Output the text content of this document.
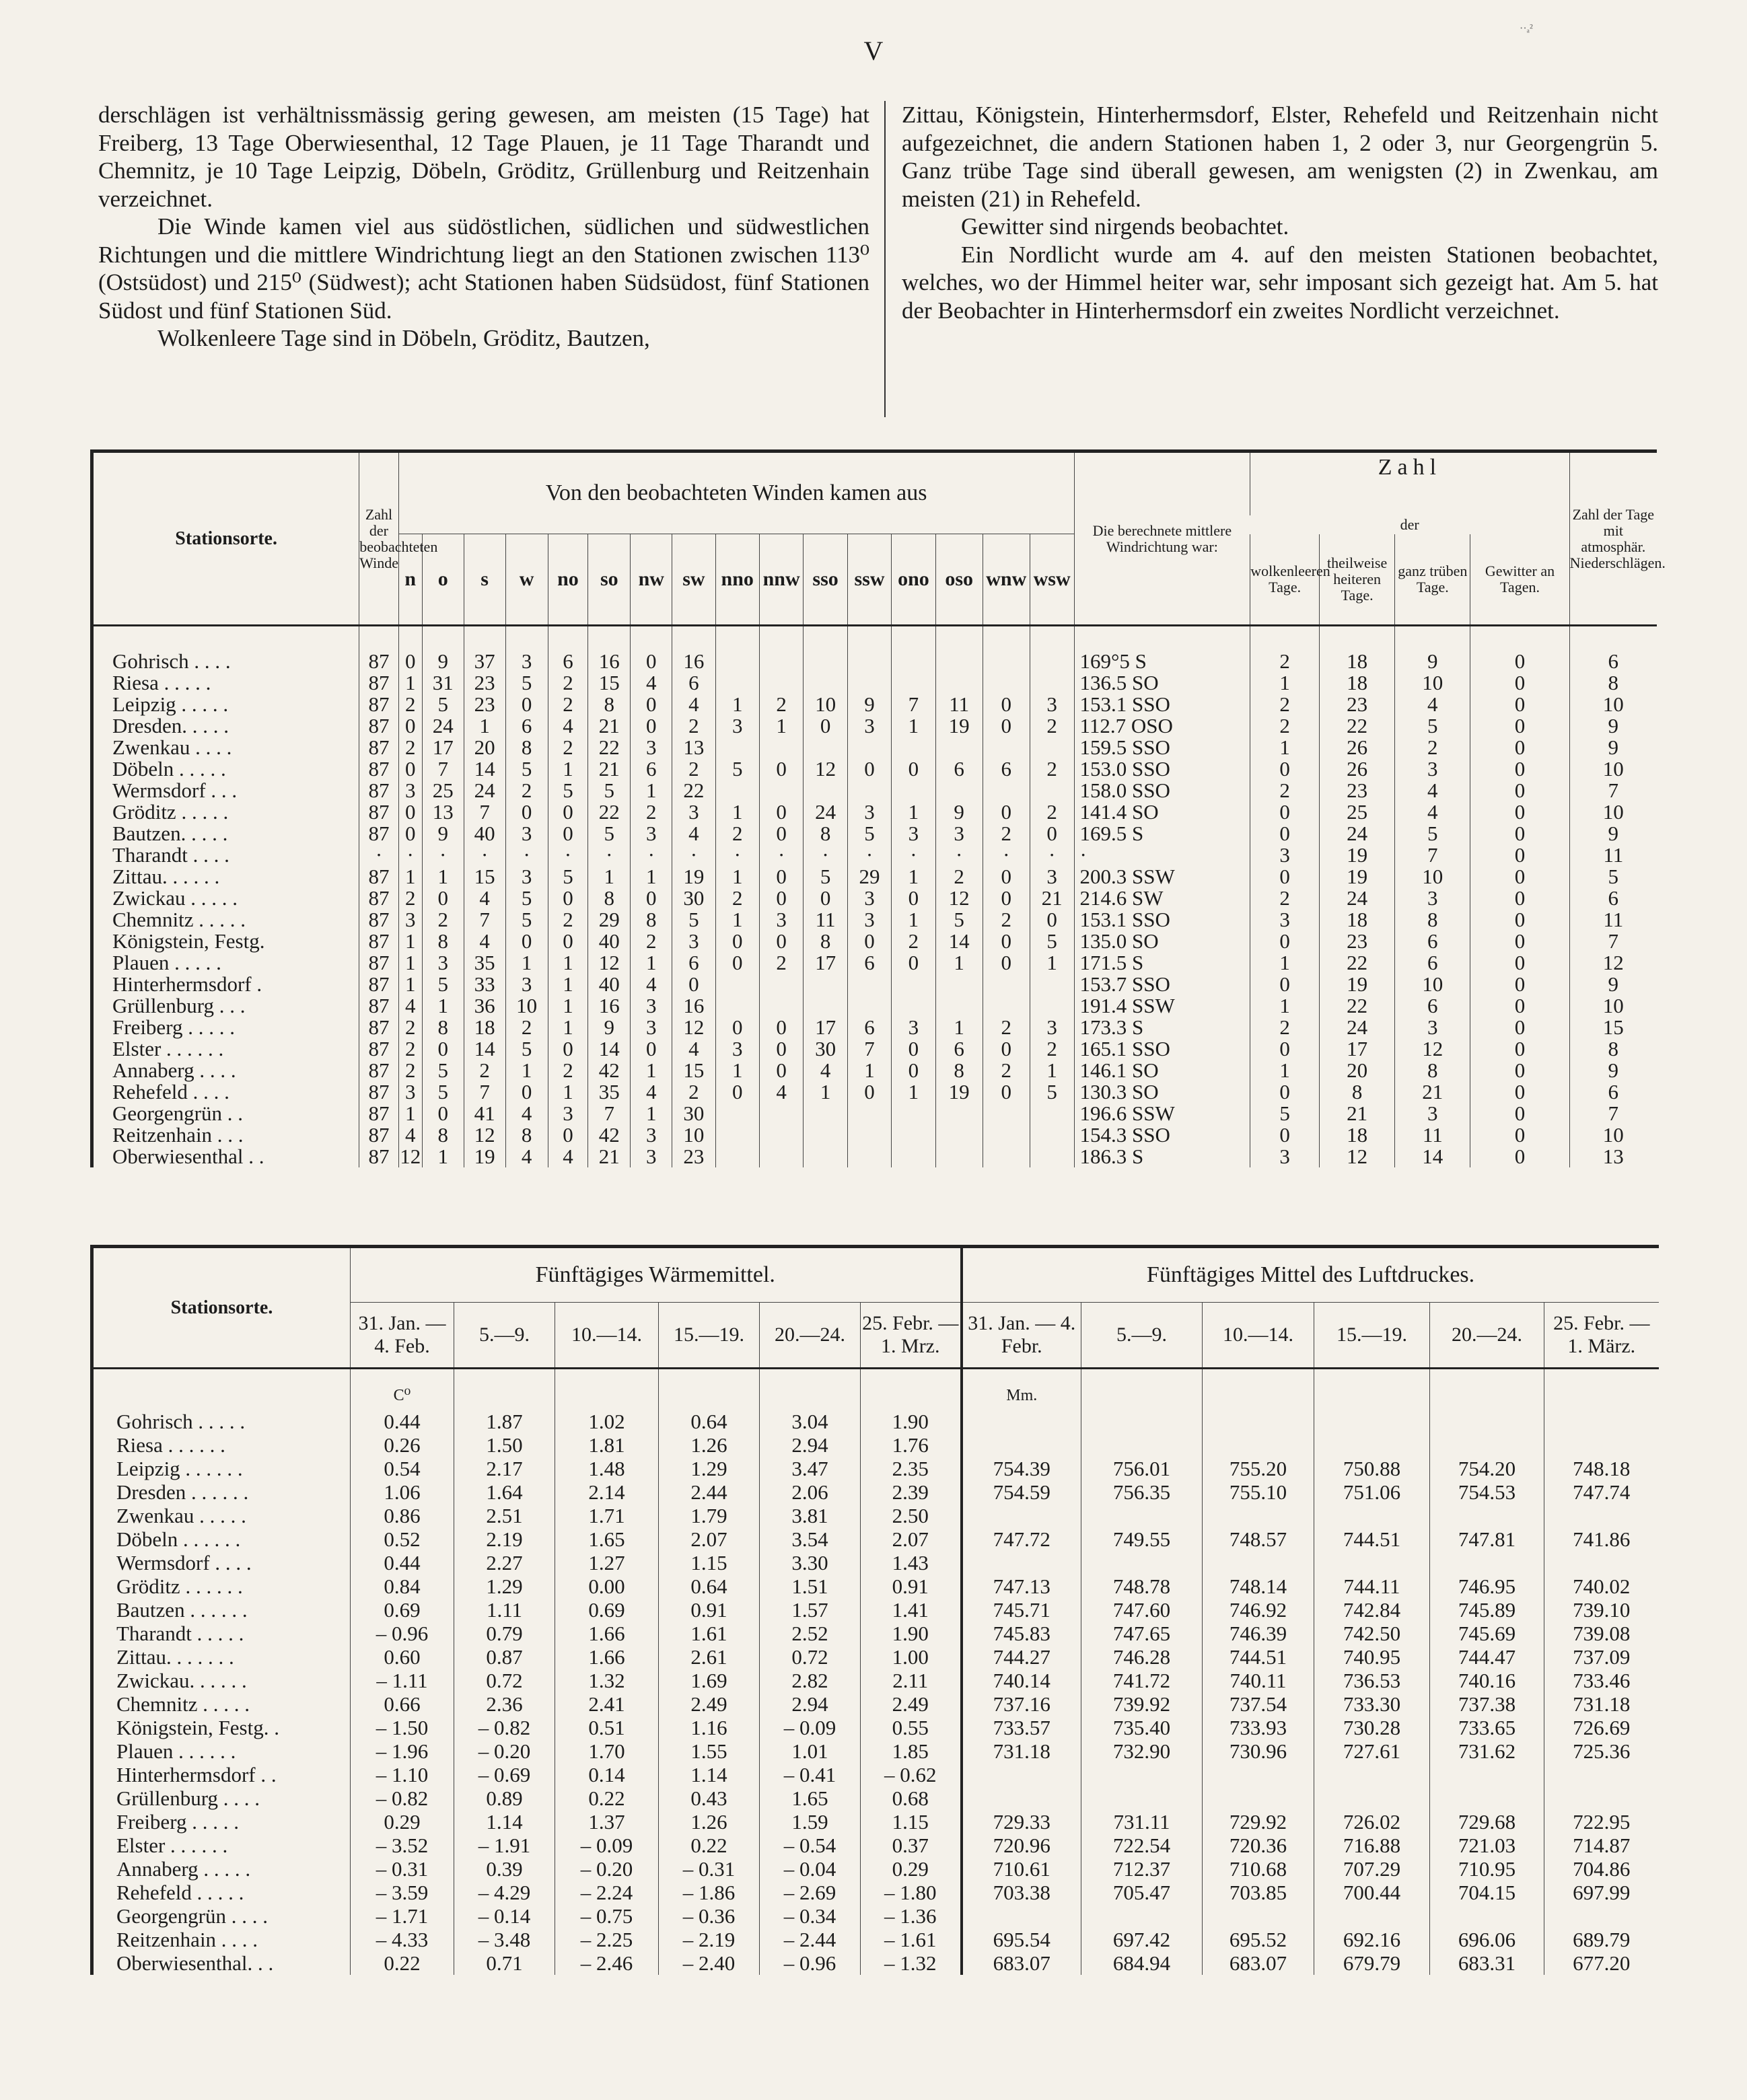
V
··ₐ²

derschlägen ist verhältnissmässig gering gewesen, am meisten (15 Tage) hat Freiberg, 13 Tage Oberwiesenthal, 12 Tage Plauen, je 11 Tage Tharandt und Chemnitz, je 10 Tage Leipzig, Döbeln, Gröditz, Grüllenburg und Reitzenhain verzeichnet.

Die Winde kamen viel aus südöstlichen, südlichen und südwestlichen Richtungen und die mittlere Windrichtung liegt an den Stationen zwischen 113⁰ (Ostsüdost) und 215⁰ (Südwest); acht Stationen haben Südsüdost, fünf Stationen Südost und fünf Stationen Süd.

Wolkenleere Tage sind in Döbeln, Gröditz, Bautzen,

Zittau, Königstein, Hinterhermsdorf, Elster, Rehefeld und Reitzenhain nicht aufgezeichnet, die andern Stationen haben 1, 2 oder 3, nur Georgengrün 5. Ganz trübe Tage sind überall gewesen, am wenigsten (2) in Zwenkau, am meisten (21) in Rehefeld.

Gewitter sind nirgends beobachtet.

Ein Nordlicht wurde am 4. auf den meisten Stationen beobachtet, welches, wo der Himmel heiter war, sehr imposant sich gezeigt hat. Am 5. hat der Beobachter in Hinterhermsdorf ein zweites Nordlicht verzeichnet.

Stationsorte.	Zahl der beobachteten Winde	Von den beobachteten Winden kamen aus																Die berechnete mittlere Windrichtung war:	Zahl				Zahl der Tage mit atmosphär. Niederschlägen.
																			der				
		n	o	s	w	no	so	nw	sw	nno	nnw	sso	ssw	ono	oso	wnw	wsw		wolkenleeren Tage.	theilweise heiteren Tage.	ganz trüben Tage.	Gewitter an Tagen.	

Gohrisch . . . .	87	0	9	37	3	6	16	0	16									169°5 S	2	18	9	0	6
Riesa . . . . .	87	1	31	23	5	2	15	4	6									136.5 SO	1	18	10	0	8
Leipzig . . . . .	87	2	5	23	0	2	8	0	4	1	2	10	9	7	11	0	3	153.1 SSO	2	23	4	0	10
Dresden. . . . .	87	0	24	1	6	4	21	0	2	3	1	0	3	1	19	0	2	112.7 OSO	2	22	5	0	9
Zwenkau . . . .	87	2	17	20	8	2	22	3	13									159.5 SSO	1	26	2	0	9
Döbeln . . . . .	87	0	7	14	5	1	21	6	2	5	0	12	0	0	6	6	2	153.0 SSO	0	26	3	0	10
Wermsdorf . . .	87	3	25	24	2	5	5	1	22									158.0 SSO	2	23	4	0	7
Gröditz . . . . .	87	0	13	7	0	0	22	2	3	1	0	24	3	1	9	0	2	141.4 SO	0	25	4	0	10
Bautzen. . . . .	87	0	9	40	3	0	5	3	4	2	0	8	5	3	3	2	0	169.5 S	0	24	5	0	9
Tharandt . . . .	·	·	·	·	·	·	·	·	·	·	·	·	·	·	·	·	·	·	3	19	7	0	11
Zittau. . . . . .	87	1	1	15	3	5	1	1	19	1	0	5	29	1	2	0	3	200.3 SSW	0	19	10	0	5
Zwickau . . . . .	87	2	0	4	5	0	8	0	30	2	0	0	3	0	12	0	21	214.6 SW	2	24	3	0	6
Chemnitz . . . . .	87	3	2	7	5	2	29	8	5	1	3	11	3	1	5	2	0	153.1 SSO	3	18	8	0	11
Königstein, Festg.	87	1	8	4	0	0	40	2	3	0	0	8	0	2	14	0	5	135.0 SO	0	23	6	0	7
Plauen . . . . .	87	1	3	35	1	1	12	1	6	0	2	17	6	0	1	0	1	171.5 S	1	22	6	0	12
Hinterhermsdorf .	87	1	5	33	3	1	40	4	0									153.7 SSO	0	19	10	0	9
Grüllenburg . . .	87	4	1	36	10	1	16	3	16									191.4 SSW	1	22	6	0	10
Freiberg . . . . .	87	2	8	18	2	1	9	3	12	0	0	17	6	3	1	2	3	173.3 S	2	24	3	0	15
Elster . . . . . .	87	2	0	14	5	0	14	0	4	3	0	30	7	0	6	0	2	165.1 SSO	0	17	12	0	8
Annaberg . . . .	87	2	5	2	1	2	42	1	15	1	0	4	1	0	8	2	1	146.1 SO	1	20	8	0	9
Rehefeld . . . .	87	3	5	7	0	1	35	4	2	0	4	1	0	1	19	0	5	130.3 SO	0	8	21	0	6
Georgengrün . .	87	1	0	41	4	3	7	1	30									196.6 SSW	5	21	3	0	7
Reitzenhain . . .	87	4	8	12	8	0	42	3	10									154.3 SSO	0	18	11	0	10
Oberwiesenthal . .	87	12	1	19	4	4	21	3	23									186.3 S	3	12	14	0	13
Stationsorte.	Fünftägiges Wärmemittel.						Fünftägiges Mittel des Luftdruckes.					
	31. Jan. — 4. Feb.	5.—9.	10.—14.	15.—19.	20.—24.	25. Febr. — 1. Mrz.	31. Jan. — 4. Febr.	5.—9.	10.—14.	15.—19.	20.—24.	25. Febr. — 1. März.

	C⁰						Mm.					
Gohrisch . . . . .	0.44	1.87	1.02	0.64	3.04	1.90						
Riesa . . . . . .	0.26	1.50	1.81	1.26	2.94	1.76						
Leipzig . . . . . .	0.54	2.17	1.48	1.29	3.47	2.35	754.39	756.01	755.20	750.88	754.20	748.18
Dresden . . . . . .	1.06	1.64	2.14	2.44	2.06	2.39	754.59	756.35	755.10	751.06	754.53	747.74
Zwenkau . . . . .	0.86	2.51	1.71	1.79	3.81	2.50						
Döbeln . . . . . .	0.52	2.19	1.65	2.07	3.54	2.07	747.72	749.55	748.57	744.51	747.81	741.86
Wermsdorf . . . .	0.44	2.27	1.27	1.15	3.30	1.43						
Gröditz . . . . . .	0.84	1.29	0.00	0.64	1.51	0.91	747.13	748.78	748.14	744.11	746.95	740.02
Bautzen . . . . . .	0.69	1.11	0.69	0.91	1.57	1.41	745.71	747.60	746.92	742.84	745.89	739.10
Tharandt . . . . .	– 0.96	0.79	1.66	1.61	2.52	1.90	745.83	747.65	746.39	742.50	745.69	739.08
Zittau. . . . . . .	0.60	0.87	1.66	2.61	0.72	1.00	744.27	746.28	744.51	740.95	744.47	737.09
Zwickau. . . . . .	– 1.11	0.72	1.32	1.69	2.82	2.11	740.14	741.72	740.11	736.53	740.16	733.46
Chemnitz . . . . .	0.66	2.36	2.41	2.49	2.94	2.49	737.16	739.92	737.54	733.30	737.38	731.18
Königstein, Festg. .	– 1.50	– 0.82	0.51	1.16	– 0.09	0.55	733.57	735.40	733.93	730.28	733.65	726.69
Plauen . . . . . .	– 1.96	– 0.20	1.70	1.55	1.01	1.85	731.18	732.90	730.96	727.61	731.62	725.36
Hinterhermsdorf . .	– 1.10	– 0.69	0.14	1.14	– 0.41	– 0.62						
Grüllenburg . . . .	– 0.82	0.89	0.22	0.43	1.65	0.68						
Freiberg . . . . .	0.29	1.14	1.37	1.26	1.59	1.15	729.33	731.11	729.92	726.02	729.68	722.95
Elster . . . . . .	– 3.52	– 1.91	– 0.09	0.22	– 0.54	0.37	720.96	722.54	720.36	716.88	721.03	714.87
Annaberg . . . . .	– 0.31	0.39	– 0.20	– 0.31	– 0.04	0.29	710.61	712.37	710.68	707.29	710.95	704.86
Rehefeld . . . . .	– 3.59	– 4.29	– 2.24	– 1.86	– 2.69	– 1.80	703.38	705.47	703.85	700.44	704.15	697.99
Georgengrün . . . .	– 1.71	– 0.14	– 0.75	– 0.36	– 0.34	– 1.36						
Reitzenhain . . . .	– 4.33	– 3.48	– 2.25	– 2.19	– 2.44	– 1.61	695.54	697.42	695.52	692.16	696.06	689.79
Oberwiesenthal. . .	0.22	0.71	– 2.46	– 2.40	– 0.96	– 1.32	683.07	684.94	683.07	679.79	683.31	677.20
